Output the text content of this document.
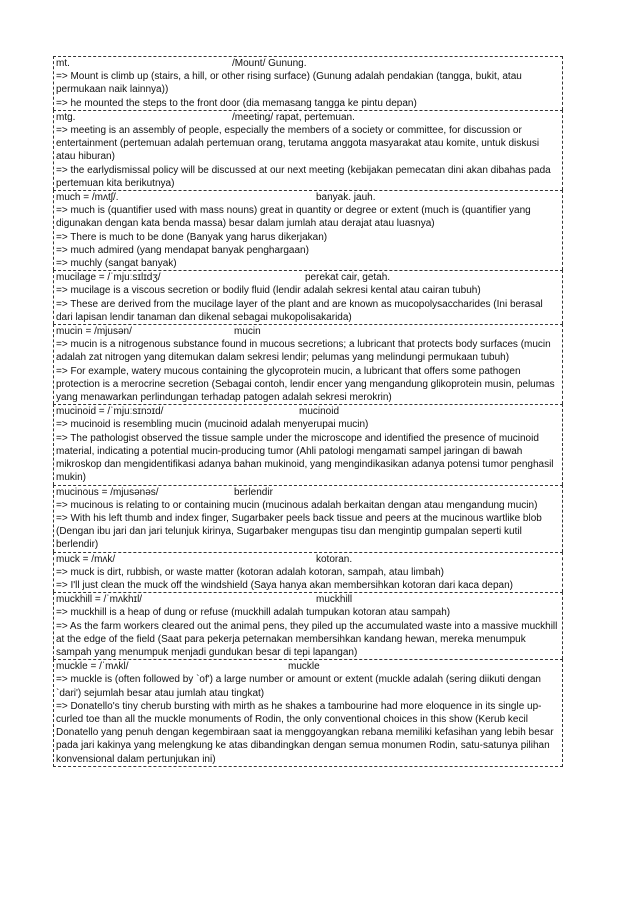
mt.	/Mount/ Gunung.

=> Mount is climb up (stairs, a hill, or other rising surface) (Gunung adalah pendakian (tangga, bukit, atau permukaan naik lainnya))

=> he mounted the steps to the front door (dia memasang tangga ke pintu depan)

mtg.	/meeting/ rapat, pertemuan.

=> meeting is an assembly of people, especially the members of a society or committee, for discussion or entertainment (pertemuan adalah pertemuan orang, terutama anggota masyarakat atau komite, untuk diskusi atau hiburan)

=> the earlydismissal policy will be discussed at our next meeting (kebijakan pemecatan dini akan dibahas pada pertemuan kita berikutnya)

much = /mʌtʃ/.	banyak. jauh.

=> much is (quantifier used with mass nouns) great in quantity or degree or extent (much is (quantifier yang digunakan dengan kata benda massa) besar dalam jumlah atau derajat atau luasnya)

=> There is much to be done (Banyak yang harus dikerjakan)

=> much admired (yang mendapat banyak penghargaan)

=> muchly (sangat banyak)

mucilage = /ˈmjuːsɪlɪdʒ/	perekat cair, getah.

=> mucilage is a viscous secretion or bodily fluid (lendir adalah sekresi kental atau cairan tubuh)

=> These are derived from the mucilage layer of the plant and are known as mucopolysaccharides (Ini berasal dari lapisan lendir tanaman dan dikenal sebagai mukopolisakarida)

mucin = /mjusən/	mucin

=> mucin is a nitrogenous substance found in mucous secretions; a lubricant that protects body surfaces (mucin adalah zat nitrogen yang ditemukan dalam sekresi lendir; pelumas yang melindungi permukaan tubuh)

=> For example, watery mucous containing the glycoprotein mucin, a lubricant that offers some pathogen protection is a merocrine secretion (Sebagai contoh, lendir encer yang mengandung glikoprotein musin, pelumas yang menawarkan perlindungan terhadap patogen adalah sekresi merokrin)

mucinoid = /ˈmjuːsɪnɔɪd/	mucinoid

=> mucinoid is resembling mucin (mucinoid adalah menyerupai mucin)

=> The pathologist observed the tissue sample under the microscope and identified the presence of mucinoid material, indicating a potential mucin-producing tumor (Ahli patologi mengamati sampel jaringan di bawah mikroskop dan mengidentifikasi adanya bahan mukinoid, yang mengindikasikan adanya potensi tumor penghasil mukin)

mucinous = /mjusənəs/	berlendir

=> mucinous is relating to or containing mucin (mucinous adalah berkaitan dengan atau mengandung mucin)

=> With his left thumb and index finger, Sugarbaker peels back tissue and peers at the mucinous wartlike blob (Dengan ibu jari dan jari telunjuk kirinya, Sugarbaker mengupas tisu dan mengintip gumpalan seperti kutil berlendir)

muck = /mʌk/	kotoran.

=> muck is dirt, rubbish, or waste matter (kotoran adalah kotoran, sampah, atau limbah)

=> I'll just clean the muck off the windshield (Saya hanya akan membersihkan kotoran dari kaca depan)

muckhill = /ˈmʌkhɪl/	muckhill

=> muckhill is a heap of dung or refuse (muckhill adalah tumpukan kotoran atau sampah)

=> As the farm workers cleared out the animal pens, they piled up the accumulated waste into a massive muckhill at the edge of the field (Saat para pekerja peternakan membersihkan kandang hewan, mereka menumpuk sampah yang menumpuk menjadi gundukan besar di tepi lapangan)

muckle = /ˈmʌkl/	muckle

=> muckle is (often followed by `of') a large number or amount or extent (muckle adalah (sering diikuti dengan `dari') sejumlah besar atau jumlah atau tingkat)

=> Donatello's tiny cherub bursting with mirth as he shakes a tambourine had more eloquence in its single up-curled toe than all the muckle monuments of Rodin, the only conventional choices in this show (Kerub kecil Donatello yang penuh dengan kegembiraan saat ia menggoyangkan rebana memiliki kefasihan yang lebih besar pada jari kakinya yang melengkung ke atas dibandingkan dengan semua monumen Rodin, satu-satunya pilihan konvensional dalam pertunjukan ini)
